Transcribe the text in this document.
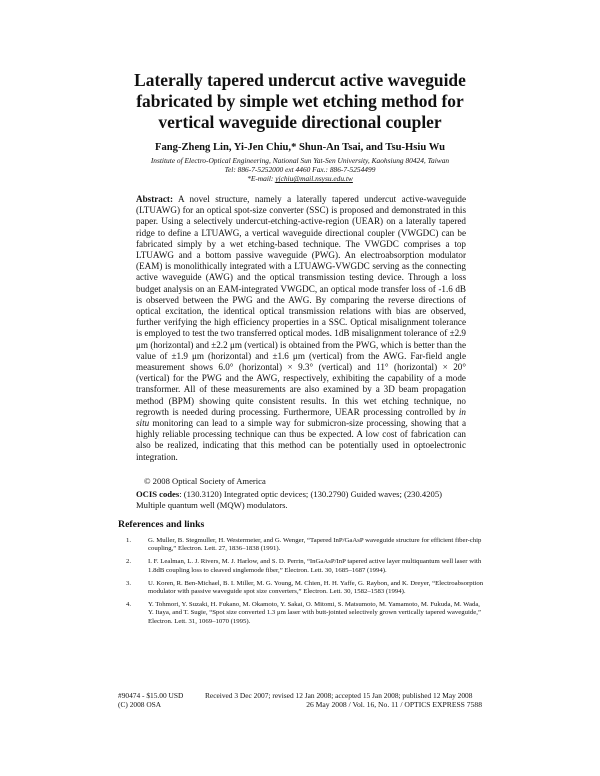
Laterally tapered undercut active waveguide
fabricated by simple wet etching method for
vertical waveguide directional coupler
Fang-Zheng Lin, Yi-Jen Chiu,* Shun-An Tsai, and Tsu-Hsiu Wu
Institute of Electro-Optical Engineering, National Sun Yat-Sen University, Kaohsiung 80424, Taiwan
Tel: 886-7-5252000 ext 4460 Fax.: 886-7-5254499
*E-mail: yjchiu@mail.nsysu.edu.tw
Abstract: A novel structure, namely a laterally tapered undercut active-waveguide (LTUAWG) for an optical spot-size converter (SSC) is proposed and demonstrated in this paper. Using a selectively undercut-etching-active-region (UEAR) on a laterally tapered ridge to define a LTUAWG, a vertical waveguide directional coupler (VWGDC) can be fabricated simply by a wet etching-based technique. The VWGDC comprises a top LTUAWG and a bottom passive waveguide (PWG). An electroabsorption modulator (EAM) is monolithically integrated with a LTUAWG-VWGDC serving as the connecting active waveguide (AWG) and the optical transmission testing device. Through a loss budget analysis on an EAM-integrated VWGDC, an optical mode transfer loss of -1.6 dB is observed between the PWG and the AWG. By comparing the reverse directions of optical excitation, the identical optical transmission relations with bias are observed, further verifying the high efficiency properties in a SSC. Optical misalignment tolerance is employed to test the two transferred optical modes. 1dB misalignment tolerance of ±2.9 μm (horizontal) and ±2.2 μm (vertical) is obtained from the PWG, which is better than the value of ±1.9 μm (horizontal) and ±1.6 μm (vertical) from the AWG. Far-field angle measurement shows 6.0° (horizontal) × 9.3° (vertical) and 11° (horizontal) × 20° (vertical) for the PWG and the AWG, respectively, exhibiting the capability of a mode transformer. All of these measurements are also examined by a 3D beam propagation method (BPM) showing quite consistent results. In this wet etching technique, no regrowth is needed during processing. Furthermore, UEAR processing controlled by in situ monitoring can lead to a simple way for submicron-size processing, showing that a highly reliable processing technique can thus be expected. A low cost of fabrication can also be realized, indicating that this method can be potentially used in optoelectronic integration.
© 2008 Optical Society of America
OCIS codes: (130.3120) Integrated optic devices; (130.2790) Guided waves; (230.4205) Multiple quantum well (MQW) modulators.
References and links
1.	G. Muller, B. Stegmuller, H. Westermeier, and G. Wenger, “Tapered InP/GaAsP waveguide structure for efficient fiber-chip coupling,” Electron. Lett. 27, 1836–1838 (1991).
2.	I. F. Lealman, L. J. Rivers, M. J. Harlow, and S. D. Perrin, “InGaAsP/InP tapered active layer multiquantum well laser with 1.8dB coupling loss to cleaved singlemode fiber,” Electron. Lett. 30, 1685–1687 (1994).
3.	U. Koren, R. Ben-Michael, B. I. Miller, M. G. Young, M. Chien, H. H. Yaffe, G. Raybon, and K. Dreyer, “Electroabsorption modulator with passive waveguide spot size converters,” Electron. Lett. 30, 1582–1583 (1994).
4.	Y. Tohmori, Y. Suzaki, H. Fukano, M. Okamoto, Y. Sakai, O. Mitomi, S. Matsumoto, M. Yamamoto, M. Fukuda, M. Wada, Y. Itaya, and T. Sugie, “Spot size converted 1.3 μm laser with butt-jointed selectively grown vertically tapered waveguide,” Electron. Lett. 31, 1069–1070 (1995).
#90474 - $15.00 USD
(C) 2008 OSA
Received 3 Dec 2007; revised 12 Jan 2008; accepted 15 Jan 2008; published 12 May 2008
26 May 2008 / Vol. 16, No. 11 / OPTICS EXPRESS 7588
